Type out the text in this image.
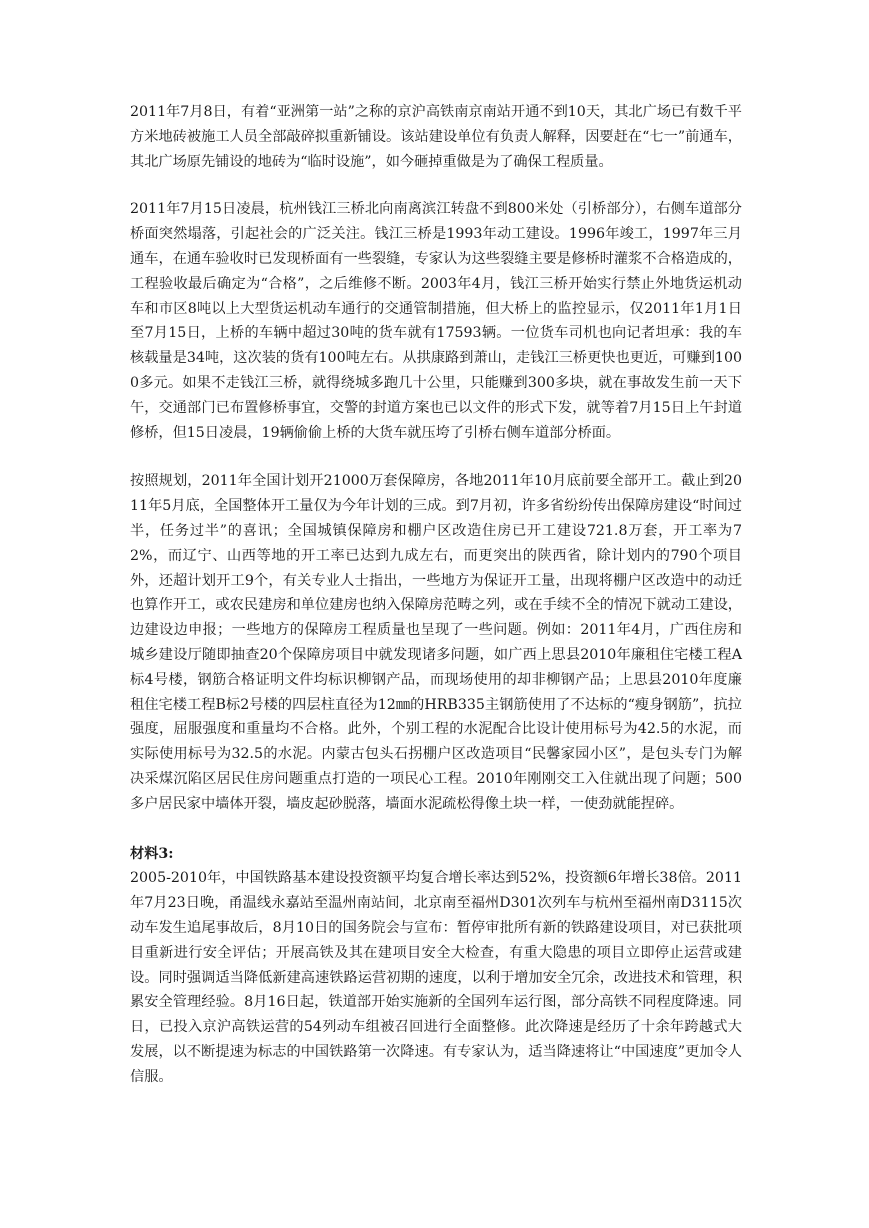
2011年7月8日，有着“亚洲第一站”之称的京沪高铁南京南站开通不到10天，其北广场已有数千平方米地砖被施工人员全部敲碎拟重新铺设。该站建设单位有负责人解释，因要赶在“七一”前通车，其北广场原先铺设的地砖为“临时设施”，如今砸掉重做是为了确保工程质量。

2011年7月15日凌晨，杭州钱江三桥北向南离滨江转盘不到800米处（引桥部分），右侧车道部分桥面突然塌落，引起社会的广泛关注。钱江三桥是1993年动工建设。1996年竣工，1997年三月通车，在通车验收时已发现桥面有一些裂缝，专家认为这些裂缝主要是修桥时灌浆不合格造成的，工程验收最后确定为“合格”，之后维修不断。2003年4月，钱江三桥开始实行禁止外地货运机动车和市区8吨以上大型货运机动车通行的交通管制措施，但大桥上的监控显示，仅2011年1月1日至7月15日，上桥的车辆中超过30吨的货车就有17593辆。一位货车司机也向记者坦承：我的车核载量是34吨，这次装的货有100吨左右。从拱康路到萧山，走钱江三桥更快也更近，可赚到1000多元。如果不走钱江三桥，就得绕城多跑几十公里，只能赚到300多块，就在事故发生前一天下午，交通部门已布置修桥事宜，交警的封道方案也已以文件的形式下发，就等着7月15日上午封道修桥，但15日凌晨，19辆偷偷上桥的大货车就压垮了引桥右侧车道部分桥面。

按照规划，2011年全国计划开21000万套保障房，各地2011年10月底前要全部开工。截止到2011年5月底，全国整体开工量仅为今年计划的三成。到7月初，许多省纷纷传出保障房建设“时间过半，任务过半”的喜讯；全国城镇保障房和棚户区改造住房已开工建设721.8万套，开工率为72%，而辽宁、山西等地的开工率已达到九成左右，而更突出的陕西省，除计划内的790个项目外，还超计划开工9个，有关专业人士指出，一些地方为保证开工量，出现将棚户区改造中的动迁也算作开工，或农民建房和单位建房也纳入保障房范畴之列，或在手续不全的情况下就动工建设，边建设边申报；一些地方的保障房工程质量也呈现了一些问题。例如：2011年4月，广西住房和城乡建设厅随即抽查20个保障房项目中就发现诸多问题，如广西上思县2010年廉租住宅楼工程A标4号楼，钢筋合格证明文件均标识柳钢产品，而现场使用的却非柳钢产品；上思县2010年度廉租住宅楼工程B标2号楼的四层柱直径为12㎜的HRB335主钢筋使用了不达标的“瘦身钢筋”，抗拉强度，屈服强度和重量均不合格。此外，个别工程的水泥配合比设计使用标号为42.5的水泥，而实际使用标号为32.5的水泥。内蒙古包头石拐棚户区改造项目“民馨家园小区”，是包头专门为解决采煤沉陷区居民住房问题重点打造的一项民心工程。2010年刚刚交工入住就出现了问题；500多户居民家中墙体开裂，墙皮起砂脱落，墙面水泥疏松得像土块一样，一使劲就能捏碎。

材料3:

2005-2010年，中国铁路基本建设投资额平均复合增长率达到52%，投资额6年增长38倍。2011年7月23日晚，甬温线永嘉站至温州南站间，北京南至福州D301次列车与杭州至福州南D3115次动车发生追尾事故后，8月10日的国务院会与宣布：暂停审批所有新的铁路建设项目，对已获批项目重新进行安全评估；开展高铁及其在建项目安全大检查，有重大隐患的项目立即停止运营或建设。同时强调适当降低新建高速铁路运营初期的速度，以利于增加安全冗余，改进技术和管理，积累安全管理经验。8月16日起，铁道部开始实施新的全国列车运行图，部分高铁不同程度降速。同日，已投入京沪高铁运营的54列动车组被召回进行全面整修。此次降速是经历了十余年跨越式大发展，以不断提速为标志的中国铁路第一次降速。有专家认为，适当降速将让“中国速度”更加令人信服。
